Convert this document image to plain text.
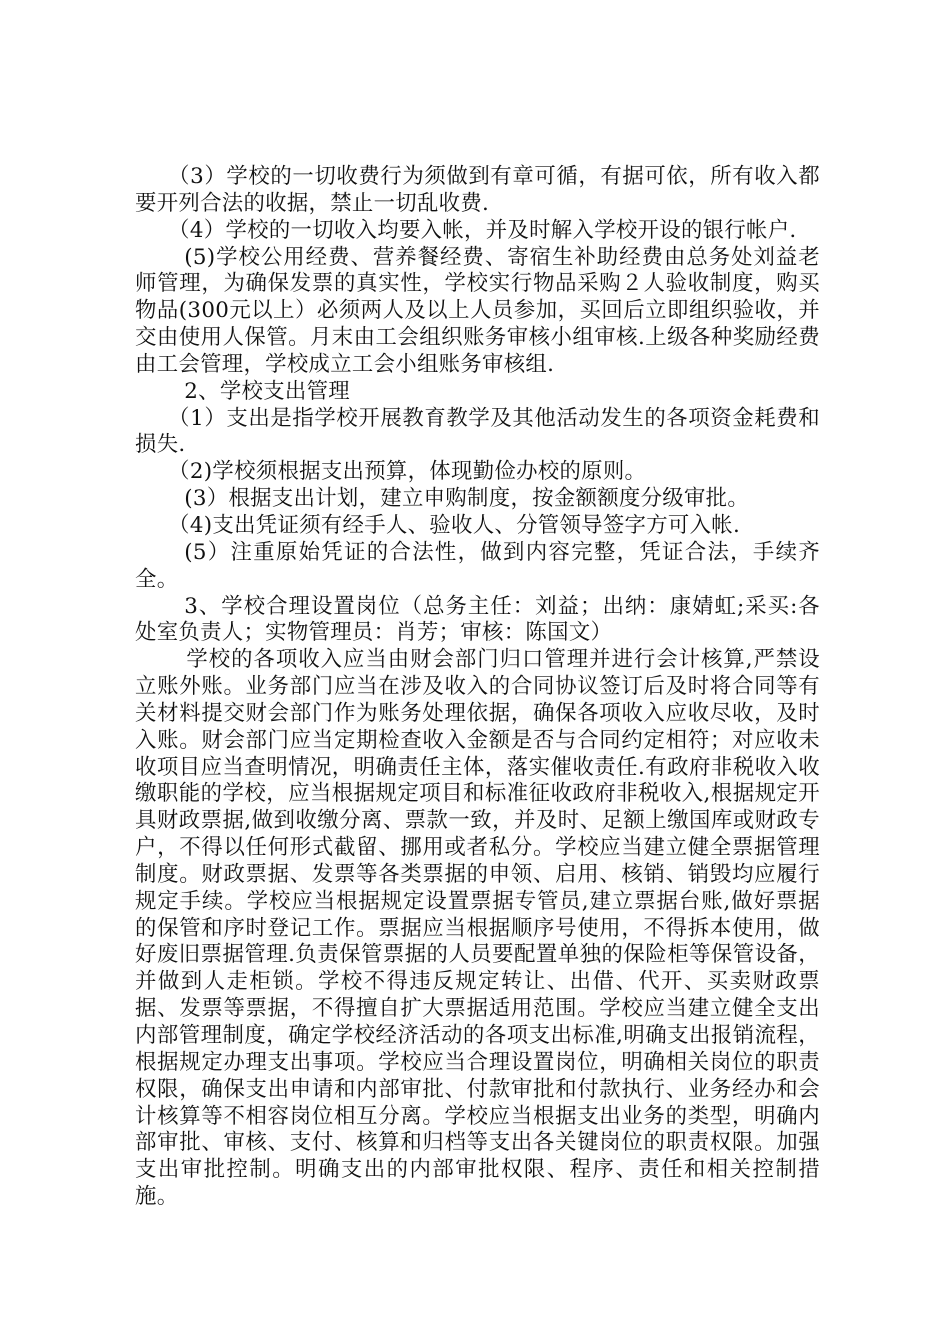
（3）学校的一切收费行为须做到有章可循，有据可依，所有收入都要开列合法的收据，禁止一切乱收费.

（4）学校的一切收入均要入帐，并及时解入学校开设的银行帐户.

(5)学校公用经费、营养餐经费、寄宿生补助经费由总务处刘益老师管理，为确保发票的真实性，学校实行物品采购２人验收制度，购买物品(300元以上）必须两人及以上人员参加，买回后立即组织验收，并交由使用人保管。月末由工会组织账务审核小组审核.上级各种奖励经费由工会管理，学校成立工会小组账务审核组.

2、学校支出管理

（1）支出是指学校开展教育教学及其他活动发生的各项资金耗费和损失.

（2)学校须根据支出预算，体现勤俭办校的原则。

(3）根据支出计划，建立申购制度，按金额额度分级审批。

（4)支出凭证须有经手人、验收人、分管领导签字方可入帐.

(5）注重原始凭证的合法性，做到内容完整，凭证合法，手续齐全。

3、学校合理设置岗位（总务主任：刘益；出纳：康婧虹;采买:各处室负责人；实物管理员：肖芳；审核：陈国文）

学校的各项收入应当由财会部门归口管理并进行会计核算,严禁设立账外账。业务部门应当在涉及收入的合同协议签订后及时将合同等有关材料提交财会部门作为账务处理依据，确保各项收入应收尽收，及时入账。财会部门应当定期检查收入金额是否与合同约定相符；对应收未收项目应当查明情况，明确责任主体，落实催收责任.有政府非税收入收缴职能的学校，应当根据规定项目和标准征收政府非税收入,根据规定开具财政票据,做到收缴分离、票款一致，并及时、足额上缴国库或财政专户，不得以任何形式截留、挪用或者私分。学校应当建立健全票据管理制度。财政票据、发票等各类票据的申领、启用、核销、销毁均应履行规定手续。学校应当根据规定设置票据专管员,建立票据台账,做好票据的保管和序时登记工作。票据应当根据顺序号使用，不得拆本使用，做好废旧票据管理.负责保管票据的人员要配置单独的保险柜等保管设备，并做到人走柜锁。学校不得违反规定转让、出借、代开、买卖财政票据、发票等票据，不得擅自扩大票据适用范围。学校应当建立健全支出内部管理制度，确定学校经济活动的各项支出标准,明确支出报销流程，根据规定办理支出事项。学校应当合理设置岗位，明确相关岗位的职责权限，确保支出申请和内部审批、付款审批和付款执行、业务经办和会计核算等不相容岗位相互分离。学校应当根据支出业务的类型，明确内部审批、审核、支付、核算和归档等支出各关键岗位的职责权限。加强支出审批控制。明确支出的内部审批权限、程序、责任和相关控制措施。
